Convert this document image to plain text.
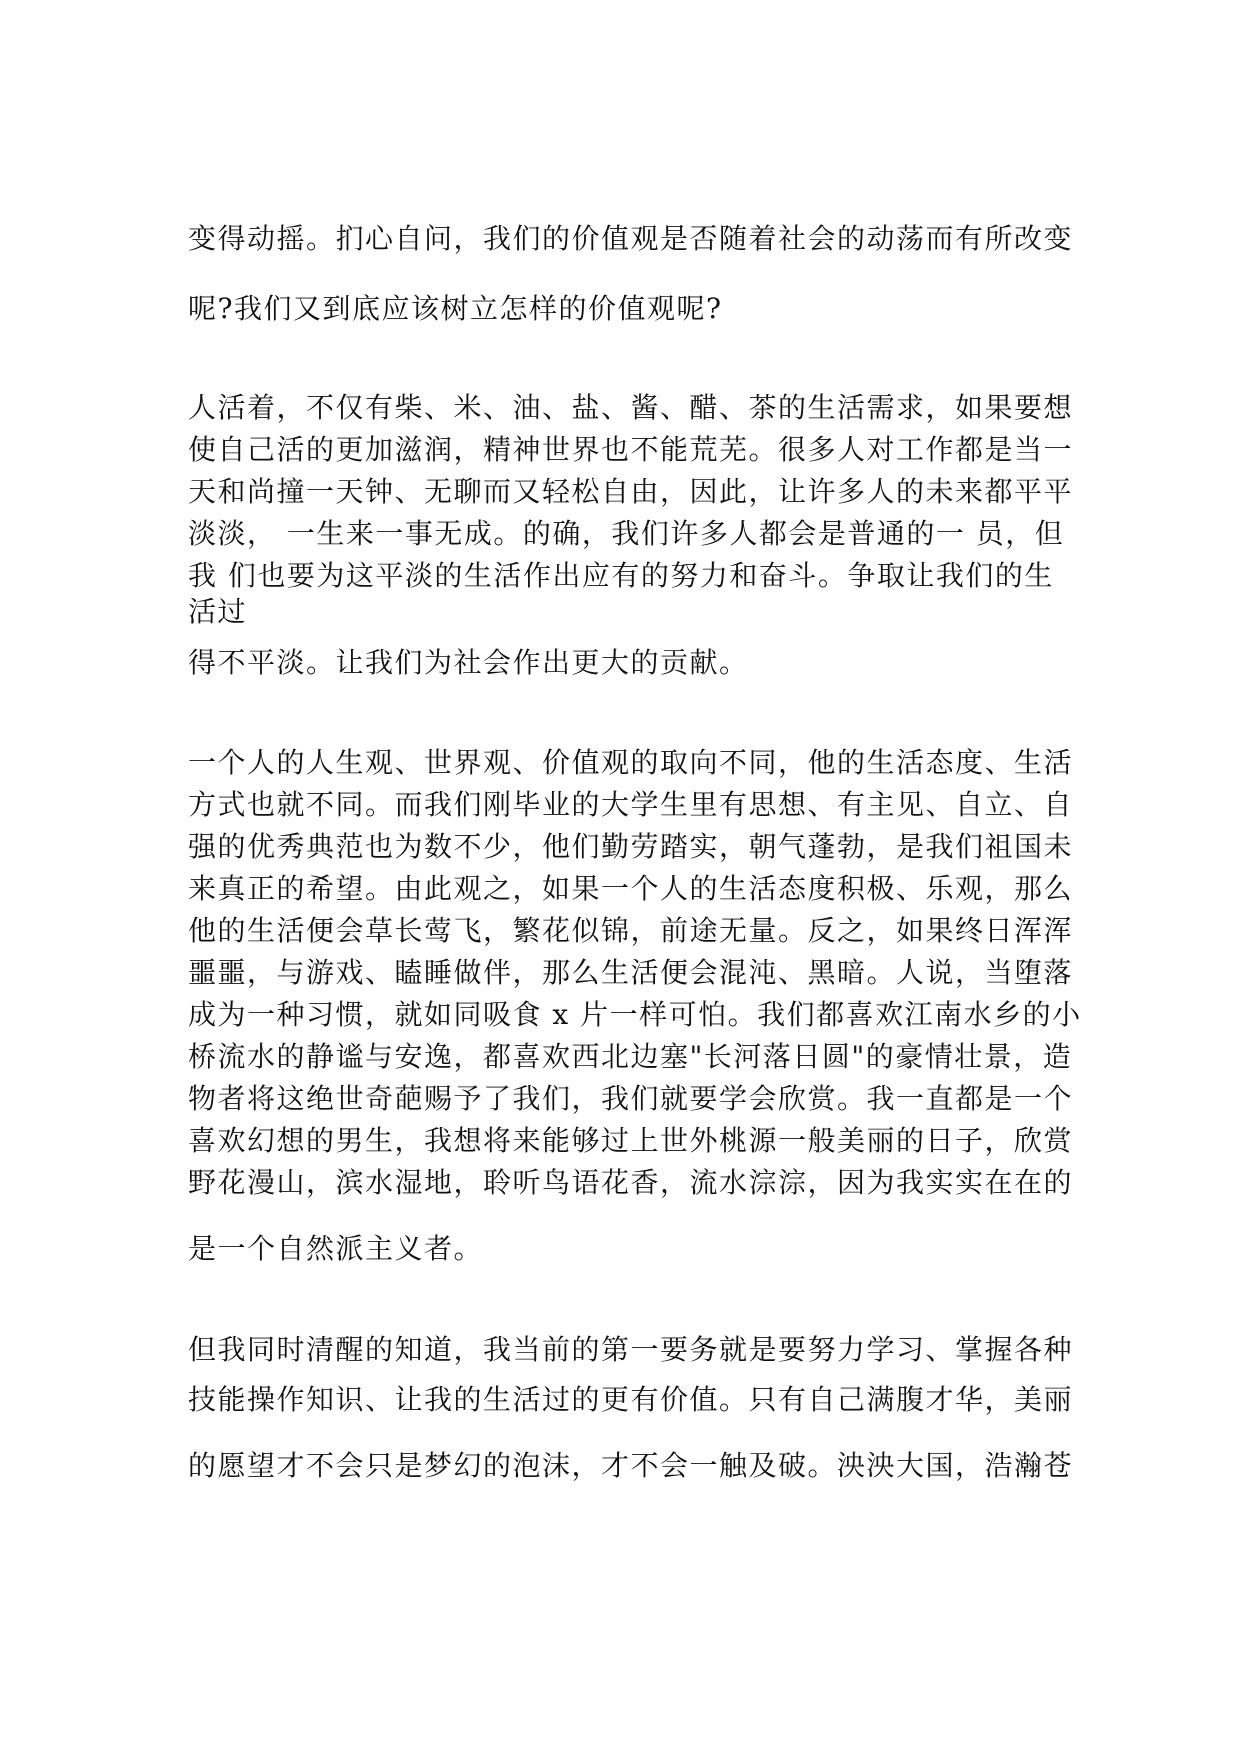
变得动摇。扪心自问，我们的价值观是否随着社会的动荡而有所改变
呢?我们又到底应该树立怎样的价值观呢?
人活着，不仅有柴、米、油、盐、酱、醋、茶的生活需求，如果要想
使自己活的更加滋润，精神世界也不能荒芜。很多人对工作都是当一
天和尚撞一天钟、无聊而又轻松自由，因此，让许多人的未来都平平
淡淡， 一生来一事无成。的确，我们许多人都会是普通的一 员，但
我 们也要为这平淡的生活作出应有的努力和奋斗。争取让我们的生
活过
得不平淡。让我们为社会作出更大的贡献。
一个人的人生观、世界观、价值观的取向不同，他的生活态度、生活
方式也就不同。而我们刚毕业的大学生里有思想、有主见、自立、自
强的优秀典范也为数不少，他们勤劳踏实，朝气蓬勃，是我们祖国未
来真正的希望。由此观之，如果一个人的生活态度积极、乐观，那么
他的生活便会草长莺飞，繁花似锦，前途无量。反之，如果终日浑浑
噩噩，与游戏、瞌睡做伴，那么生活便会混沌、黑暗。人说，当堕落
成为一种习惯，就如同吸食 x 片一样可怕。我们都喜欢江南水乡的小
桥流水的静谧与安逸，都喜欢西北边塞"长河落日圆"的豪情壮景，造
物者将这绝世奇葩赐予了我们，我们就要学会欣赏。我一直都是一个
喜欢幻想的男生，我想将来能够过上世外桃源一般美丽的日子，欣赏
野花漫山，滨水湿地，聆听鸟语花香，流水淙淙，因为我实实在在的
是一个自然派主义者。
但我同时清醒的知道，我当前的第一要务就是要努力学习、掌握各种
技能操作知识、让我的生活过的更有价值。只有自己满腹才华，美丽
的愿望才不会只是梦幻的泡沫，才不会一触及破。泱泱大国，浩瀚苍
